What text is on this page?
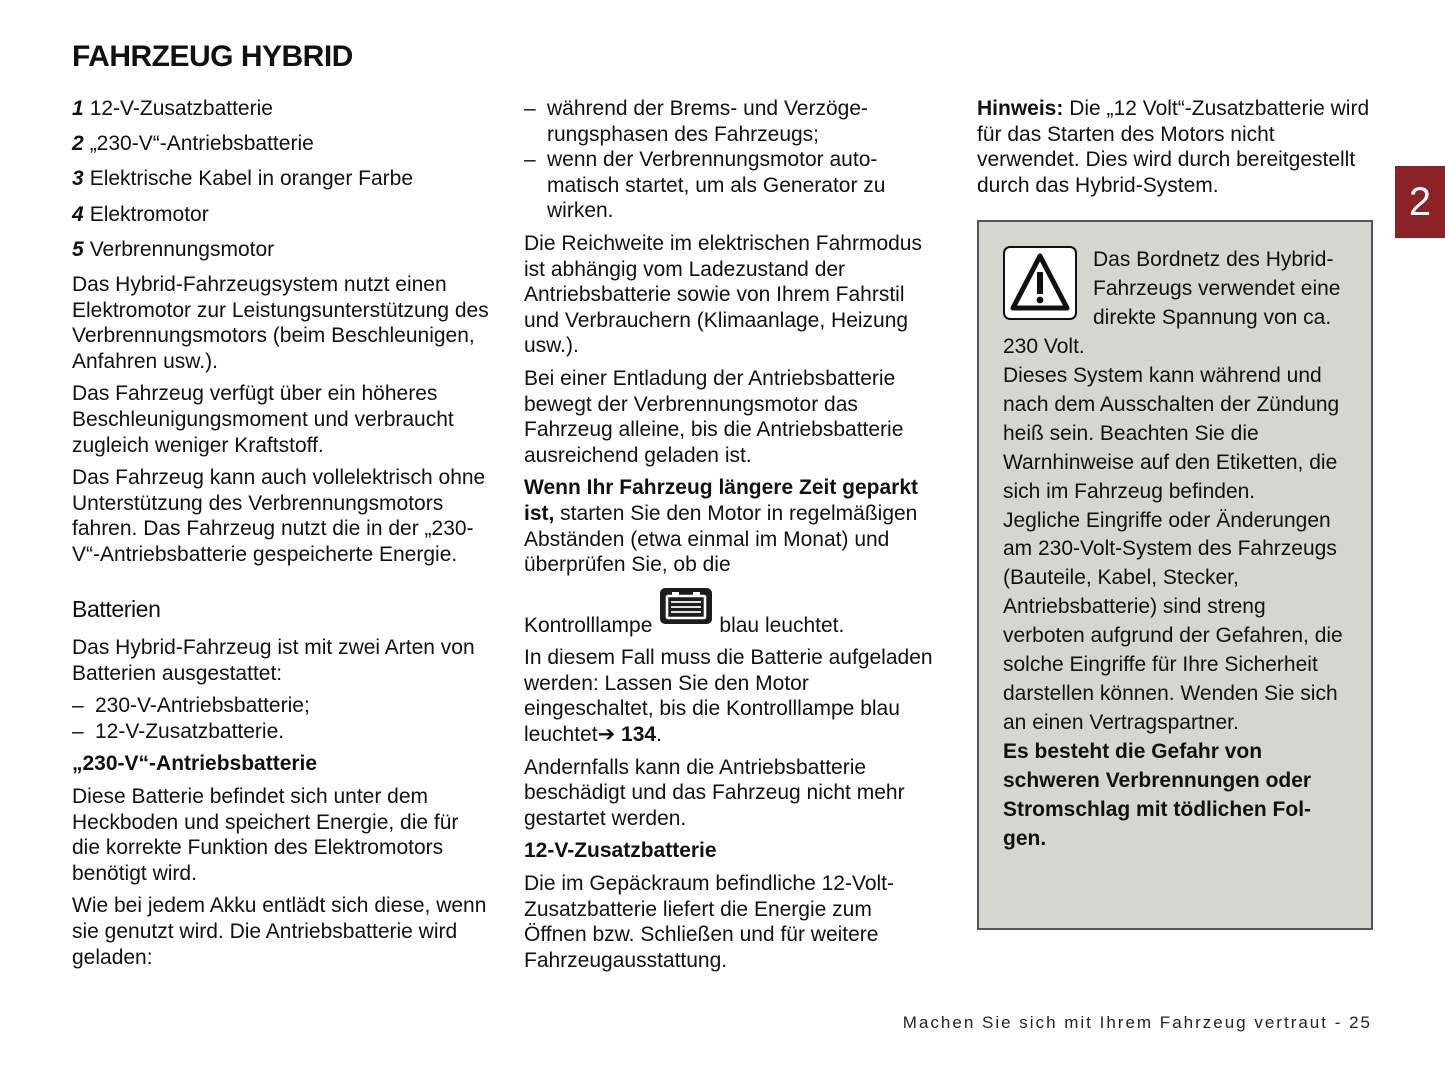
FAHRZEUG HYBRID
2
1 12-V-Zusatzbatterie
2 „230-V“-Antriebsbatterie
3 Elektrische Kabel in oranger Farbe
4 Elektromotor
5 Verbrennungsmotor

Das Hybrid-Fahrzeugsystem nutzt einen Elektromotor zur Leistungsunterstützung des Verbrennungsmotors (beim Beschleunigen, Anfahren usw.).

Das Fahrzeug verfügt über ein höheres Beschleunigungsmoment und verbraucht zugleich weniger Kraftstoff.

Das Fahrzeug kann auch vollelektrisch ohne Unterstützung des Verbrennungsmotors fahren. Das Fahrzeug nutzt die in der „230-V“-Antriebsbatterie gespeicherte Energie.

Batterien

Das Hybrid-Fahrzeug ist mit zwei Arten von Batterien ausgestattet:

– 230-V-Antriebsbatterie;
– 12-V-Zusatzbatterie.

„230-V“-Antriebsbatterie

Diese Batterie befindet sich unter dem Heckboden und speichert Energie, die für die korrekte Funktion des Elektromotors benötigt wird.

Wie bei jedem Akku entlädt sich diese, wenn sie genutzt wird. Die Antriebsbatterie wird geladen:

– während der Brems- und Verzögerungsphasen des Fahrzeugs;
– wenn der Verbrennungsmotor automatisch startet, um als Generator zu wirken.

Die Reichweite im elektrischen Fahrmodus ist abhängig vom Ladezustand der Antriebsbatterie sowie von Ihrem Fahrstil und Verbrauchern (Klimaanlage, Heizung usw.).

Bei einer Entladung der Antriebsbatterie bewegt der Verbrennungsmotor das Fahrzeug alleine, bis die Antriebsbatterie ausreichend geladen ist.

Wenn Ihr Fahrzeug längere Zeit geparkt ist, starten Sie den Motor in regelmäßigen Abständen (etwa einmal im Monat) und überprüfen Sie, ob die

Kontrolllampe	blau leuchtet.

In diesem Fall muss die Batterie aufgeladen werden: Lassen Sie den Motor eingeschaltet, bis die Kontrolllampe blau leuchtet➔ 134.

Andernfalls kann die Antriebsbatterie beschädigt und das Fahrzeug nicht mehr gestartet werden.

12-V-Zusatzbatterie

Die im Gepäckraum befindliche 12-Volt-Zusatzbatterie liefert die Energie zum Öffnen bzw. Schließen und für weitere Fahrzeugausstattung.

Hinweis: Die „12 Volt“-Zusatzbatterie wird für das Starten des Motors nicht verwendet. Dies wird durch bereitgestellt durch das Hybrid-System.

Das Bordnetz des Hybrid-Fahrzeugs verwendet eine direkte Spannung von ca. 230 Volt.

Dieses System kann während und nach dem Ausschalten der Zündung heiß sein. Beachten Sie die Warnhinweise auf den Etiketten, die sich im Fahrzeug befinden.

Jegliche Eingriffe oder Änderungen am 230-Volt-System des Fahrzeugs (Bauteile, Kabel, Stecker, Antriebsbatterie) sind streng verboten aufgrund der Gefahren, die solche Eingriffe für Ihre Sicherheit darstellen können. Wenden Sie sich an einen Vertragspartner.

Es besteht die Gefahr von schweren Verbrennungen oder Stromschlag mit tödlichen Folgen.

Machen Sie sich mit Ihrem Fahrzeug vertraut - 25
